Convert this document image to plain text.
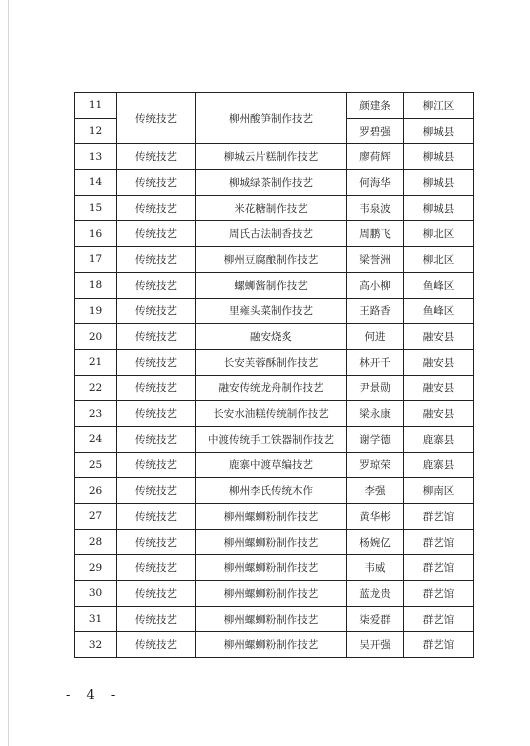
11	传统技艺	柳州酸笋制作技艺	颜建条	柳江区
12			罗碧强	柳城县
13	传统技艺	柳城云片糕制作技艺	廖荷辉	柳城县
14	传统技艺	柳城绿茶制作技艺	何海华	柳城县
15	传统技艺	米花糖制作技艺	韦泉波	柳城县
16	传统技艺	周氏古法制香技艺	周鹏飞	柳北区
17	传统技艺	柳州豆腐酿制作技艺	梁誉洲	柳北区
18	传统技艺	螺蛳酱制作技艺	高小柳	鱼峰区
19	传统技艺	里雍头菜制作技艺	王路香	鱼峰区
20	传统技艺	融安烧炙	何进	融安县
21	传统技艺	长安芙蓉酥制作技艺	林开千	融安县
22	传统技艺	融安传统龙舟制作技艺	尹景勋	融安县
23	传统技艺	长安水油糕传统制作技艺	梁永康	融安县
24	传统技艺	中渡传统手工铁器制作技艺	谢学德	鹿寨县
25	传统技艺	鹿寨中渡草编技艺	罗琼荣	鹿寨县
26	传统技艺	柳州李氏传统木作	李强	柳南区
27	传统技艺	柳州螺蛳粉制作技艺	黄华彬	群艺馆
28	传统技艺	柳州螺蛳粉制作技艺	杨婉亿	群艺馆
29	传统技艺	柳州螺蛳粉制作技艺	韦威	群艺馆
30	传统技艺	柳州螺蛳粉制作技艺	蓝龙贵	群艺馆
31	传统技艺	柳州螺蛳粉制作技艺	柒爱群	群艺馆
32	传统技艺	柳州螺蛳粉制作技艺	吴开强	群艺馆
- 4 -
